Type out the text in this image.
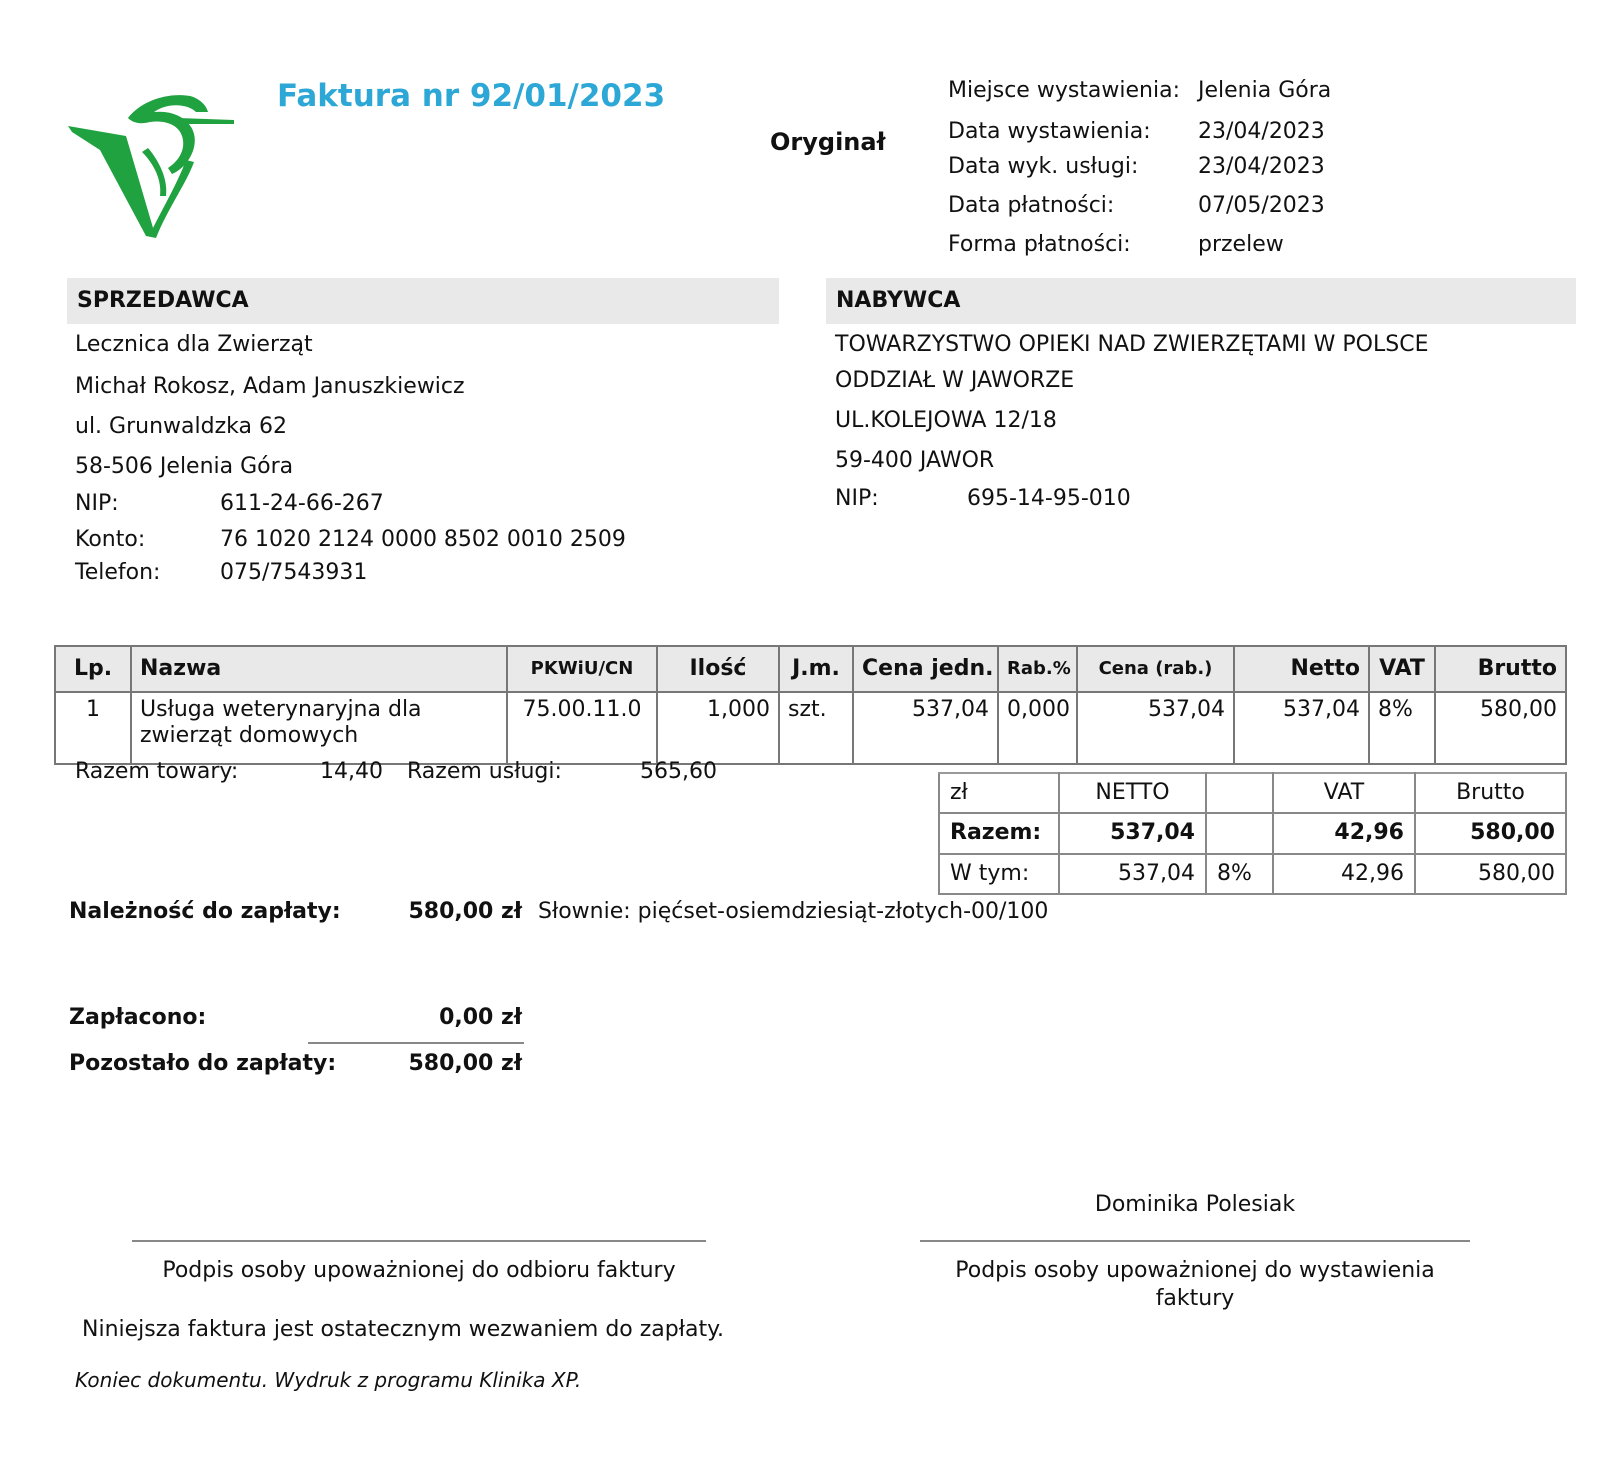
Faktura nr 92/01/2023
Oryginał
Miejsce wystawienia: Jelenia Góra
Data wystawienia: 23/04/2023
Data wyk. usługi:	23/04/2023
Data płatności:	07/05/2023
Forma płatności:	przelew
SPRZEDAWCA
Lecznica dla Zwierząt
Michał Rokosz, Adam Januszkiewicz
ul. Grunwaldzka 62
58-506 Jelenia Góra
NIP:	611-24-66-267
Konto:	76 1020 2124 0000 8502 0010 2509
Telefon:	075/7543931
NABYWCA
TOWARZYSTWO OPIEKI NAD ZWIERZĘTAMI W POLSCE
ODDZIAŁ W JAWORZE
UL.KOLEJOWA 12/18
59-400 JAWOR
NIP:	695-14-95-010
Lp.	Nazwa	PKWiU/CN	Ilość	J.m.	Cena jedn.	Rab.%	Cena (rab.)	Netto	VAT	Brutto
1	Usługa weterynaryjna dla zwierząt domowych	75.00.11.0	1,000	szt.	537,04	0,000	537,04	537,04	8%	580,00
Razem towary:	14,40 Razem usługi:	565,60
zł	NETTO		VAT	Brutto
Razem:	537,04		42,96	580,00
W tym:	537,04	8%	42,96	580,00
Należność do zapłaty:	580,00 zł Słownie: pięćset-osiemdziesiąt-złotych-00/100
Zapłacono:	0,00 zł
Pozostało do zapłaty:	580,00 zł
Dominika Polesiak
Podpis osoby upoważnionej do odbioru faktury	Podpis osoby upoważnionej do wystawienia
faktury
Niniejsza faktura jest ostatecznym wezwaniem do zapłaty.
Koniec dokumentu. Wydruk z programu Klinika XP.
